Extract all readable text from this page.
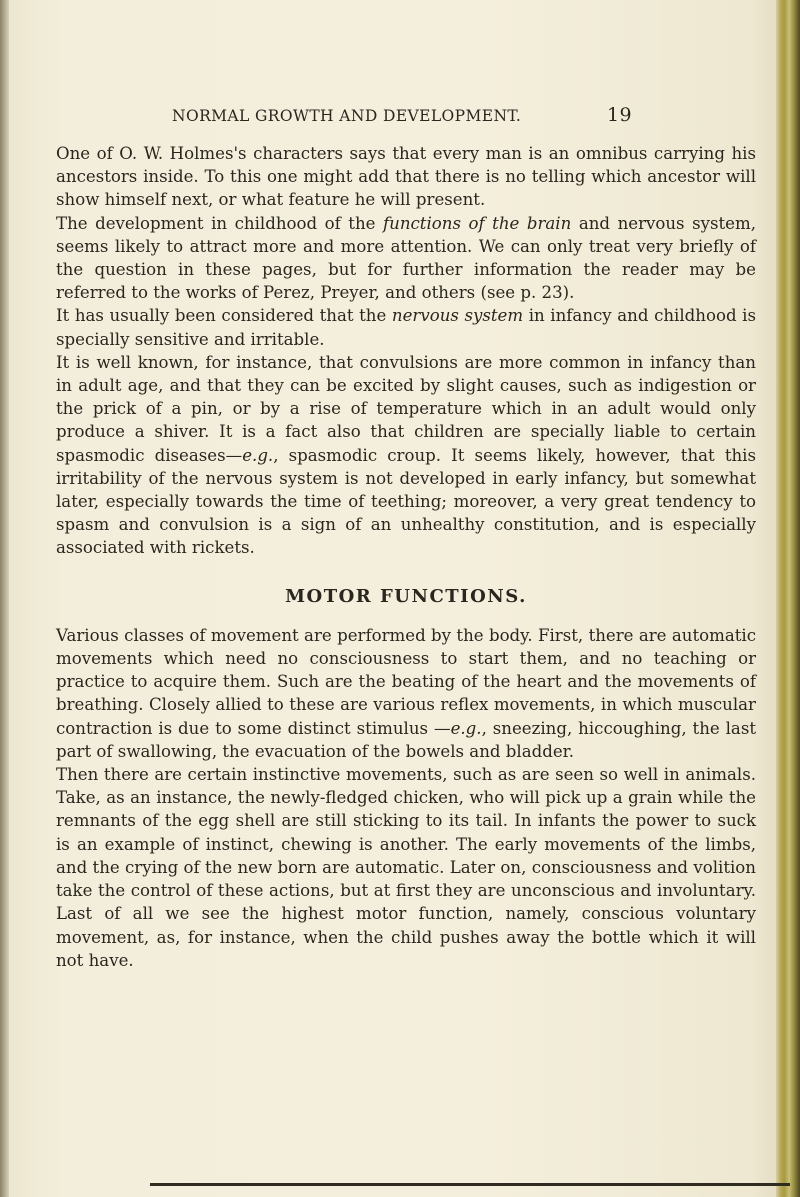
NORMAL GROWTH AND DEVELOPMENT.	19

One of O. W. Holmes's characters says that every man is an omnibus carrying his ancestors inside. To this one might add that there is no telling which ancestor will show himself next, or what feature he will present.

The development in childhood of the functions of the brain and nervous system, seems likely to attract more and more attention. We can only treat very briefly of the question in these pages, but for further information the reader may be referred to the works of Perez, Preyer, and others (see p. 23).

It has usually been considered that the nervous system in infancy and childhood is specially sensitive and irritable.

It is well known, for instance, that convulsions are more common in infancy than in adult age, and that they can be excited by slight causes, such as indigestion or the prick of a pin, or by a rise of temperature which in an adult would only produce a shiver. It is a fact also that children are specially liable to certain spasmodic diseases—e.g., spasmodic croup. It seems likely, however, that this irritability of the nervous system is not developed in early infancy, but somewhat later, especially towards the time of teething; moreover, a very great tendency to spasm and convulsion is a sign of an unhealthy constitution, and is especially associated with rickets.

MOTOR FUNCTIONS.

Various classes of movement are performed by the body. First, there are automatic movements which need no consciousness to start them, and no teaching or practice to acquire them. Such are the beating of the heart and the movements of breathing. Closely allied to these are various reflex movements, in which muscular contraction is due to some distinct stimulus —e.g., sneezing, hiccoughing, the last part of swallowing, the evacuation of the bowels and bladder.

Then there are certain instinctive movements, such as are seen so well in animals. Take, as an instance, the newly-fledged chicken, who will pick up a grain while the remnants of the egg shell are still sticking to its tail. In infants the power to suck is an example of instinct, chewing is another. The early movements of the limbs, and the crying of the new born are automatic. Later on, consciousness and volition take the control of these actions, but at first they are unconscious and involuntary. Last of all we see the highest motor function, namely, conscious voluntary movement, as, for instance, when the child pushes away the bottle which it will not have.
